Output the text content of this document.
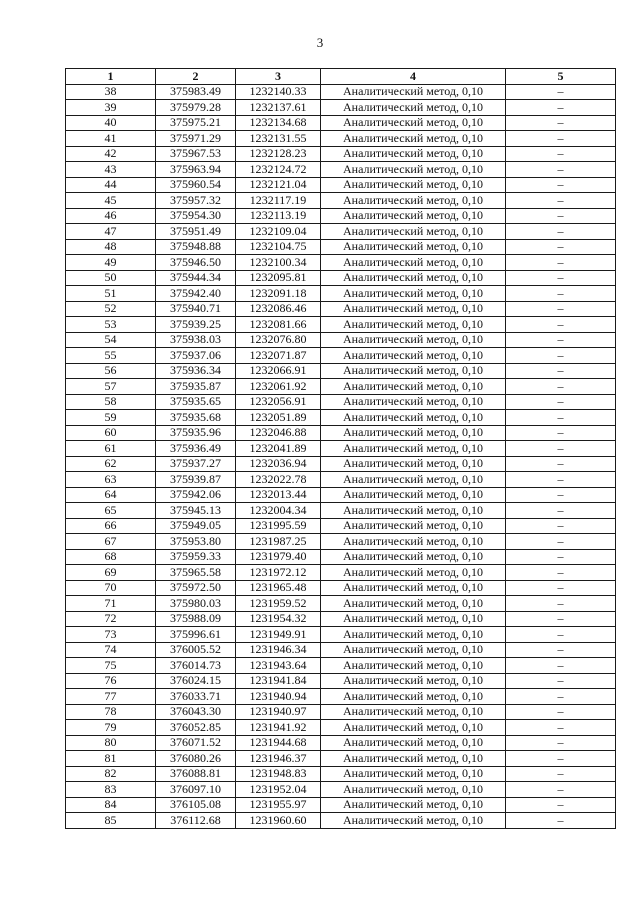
3
1	2	3	4	5
38	375983.49	1232140.33	Аналитический метод, 0,10	–
39	375979.28	1232137.61	Аналитический метод, 0,10	–
40	375975.21	1232134.68	Аналитический метод, 0,10	–
41	375971.29	1232131.55	Аналитический метод, 0,10	–
42	375967.53	1232128.23	Аналитический метод, 0,10	–
43	375963.94	1232124.72	Аналитический метод, 0,10	–
44	375960.54	1232121.04	Аналитический метод, 0,10	–
45	375957.32	1232117.19	Аналитический метод, 0,10	–
46	375954.30	1232113.19	Аналитический метод, 0,10	–
47	375951.49	1232109.04	Аналитический метод, 0,10	–
48	375948.88	1232104.75	Аналитический метод, 0,10	–
49	375946.50	1232100.34	Аналитический метод, 0,10	–
50	375944.34	1232095.81	Аналитический метод, 0,10	–
51	375942.40	1232091.18	Аналитический метод, 0,10	–
52	375940.71	1232086.46	Аналитический метод, 0,10	–
53	375939.25	1232081.66	Аналитический метод, 0,10	–
54	375938.03	1232076.80	Аналитический метод, 0,10	–
55	375937.06	1232071.87	Аналитический метод, 0,10	–
56	375936.34	1232066.91	Аналитический метод, 0,10	–
57	375935.87	1232061.92	Аналитический метод, 0,10	–
58	375935.65	1232056.91	Аналитический метод, 0,10	–
59	375935.68	1232051.89	Аналитический метод, 0,10	–
60	375935.96	1232046.88	Аналитический метод, 0,10	–
61	375936.49	1232041.89	Аналитический метод, 0,10	–
62	375937.27	1232036.94	Аналитический метод, 0,10	–
63	375939.87	1232022.78	Аналитический метод, 0,10	–
64	375942.06	1232013.44	Аналитический метод, 0,10	–
65	375945.13	1232004.34	Аналитический метод, 0,10	–
66	375949.05	1231995.59	Аналитический метод, 0,10	–
67	375953.80	1231987.25	Аналитический метод, 0,10	–
68	375959.33	1231979.40	Аналитический метод, 0,10	–
69	375965.58	1231972.12	Аналитический метод, 0,10	–
70	375972.50	1231965.48	Аналитический метод, 0,10	–
71	375980.03	1231959.52	Аналитический метод, 0,10	–
72	375988.09	1231954.32	Аналитический метод, 0,10	–
73	375996.61	1231949.91	Аналитический метод, 0,10	–
74	376005.52	1231946.34	Аналитический метод, 0,10	–
75	376014.73	1231943.64	Аналитический метод, 0,10	–
76	376024.15	1231941.84	Аналитический метод, 0,10	–
77	376033.71	1231940.94	Аналитический метод, 0,10	–
78	376043.30	1231940.97	Аналитический метод, 0,10	–
79	376052.85	1231941.92	Аналитический метод, 0,10	–
80	376071.52	1231944.68	Аналитический метод, 0,10	–
81	376080.26	1231946.37	Аналитический метод, 0,10	–
82	376088.81	1231948.83	Аналитический метод, 0,10	–
83	376097.10	1231952.04	Аналитический метод, 0,10	–
84	376105.08	1231955.97	Аналитический метод, 0,10	–
85	376112.68	1231960.60	Аналитический метод, 0,10	–
